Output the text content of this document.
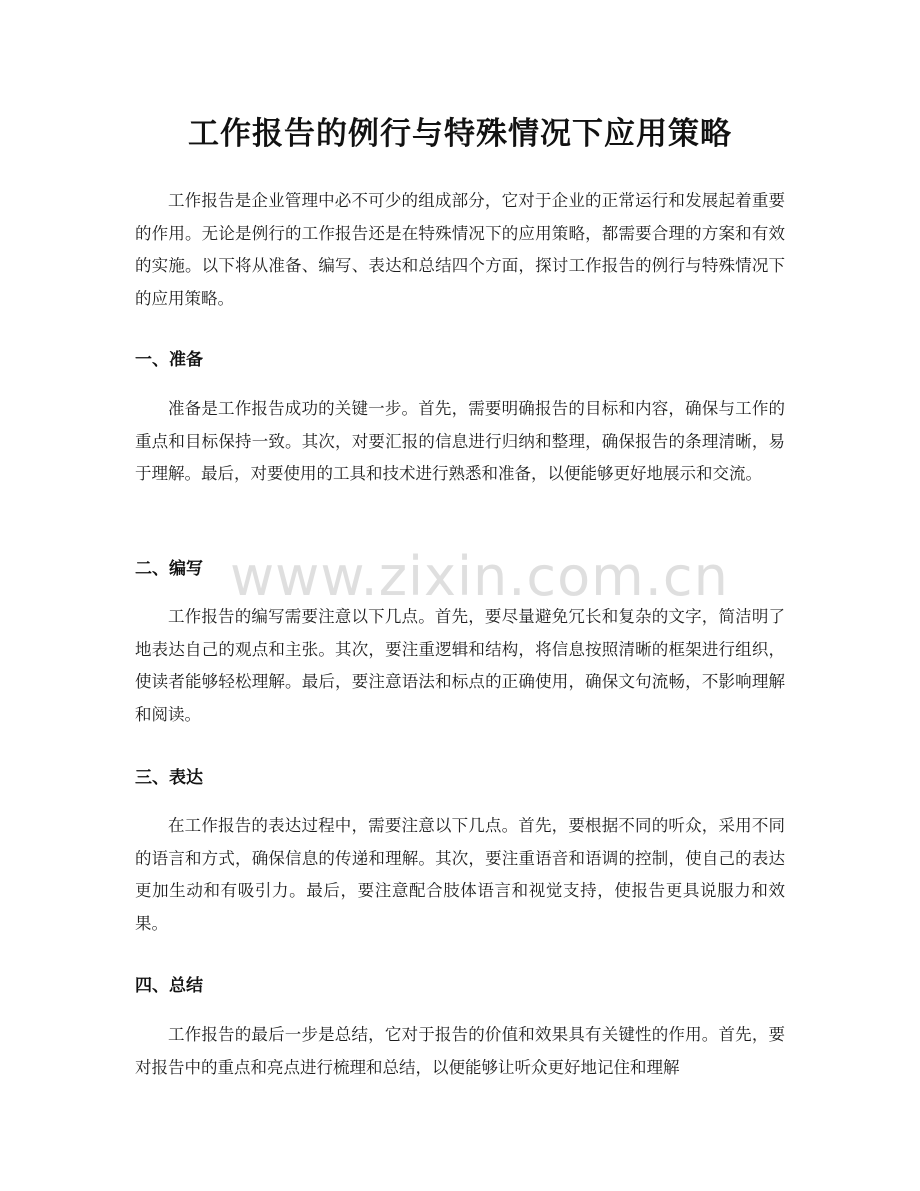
工作报告的例行与特殊情况下应用策略

工作报告是企业管理中必不可少的组成部分，它对于企业的正常运行和发展起着重要的作用。无论是例行的工作报告还是在特殊情况下的应用策略，都需要合理的方案和有效的实施。以下将从准备、编写、表达和总结四个方面，探讨工作报告的例行与特殊情况下的应用策略。

一、准备

准备是工作报告成功的关键一步。首先，需要明确报告的目标和内容，确保与工作的重点和目标保持一致。其次，对要汇报的信息进行归纳和整理，确保报告的条理清晰，易于理解。最后，对要使用的工具和技术进行熟悉和准备，以便能够更好地展示和交流。

二、编写

工作报告的编写需要注意以下几点。首先，要尽量避免冗长和复杂的文字，简洁明了地表达自己的观点和主张。其次，要注重逻辑和结构，将信息按照清晰的框架进行组织，使读者能够轻松理解。最后，要注意语法和标点的正确使用，确保文句流畅，不影响理解和阅读。

三、表达

在工作报告的表达过程中，需要注意以下几点。首先，要根据不同的听众，采用不同的语言和方式，确保信息的传递和理解。其次，要注重语音和语调的控制，使自己的表达更加生动和有吸引力。最后，要注意配合肢体语言和视觉支持，使报告更具说服力和效果。

四、总结

工作报告的最后一步是总结，它对于报告的价值和效果具有关键性的作用。首先，要对报告中的重点和亮点进行梳理和总结，以便能够让听众更好地记住和理解

www.zixin.com.cn
